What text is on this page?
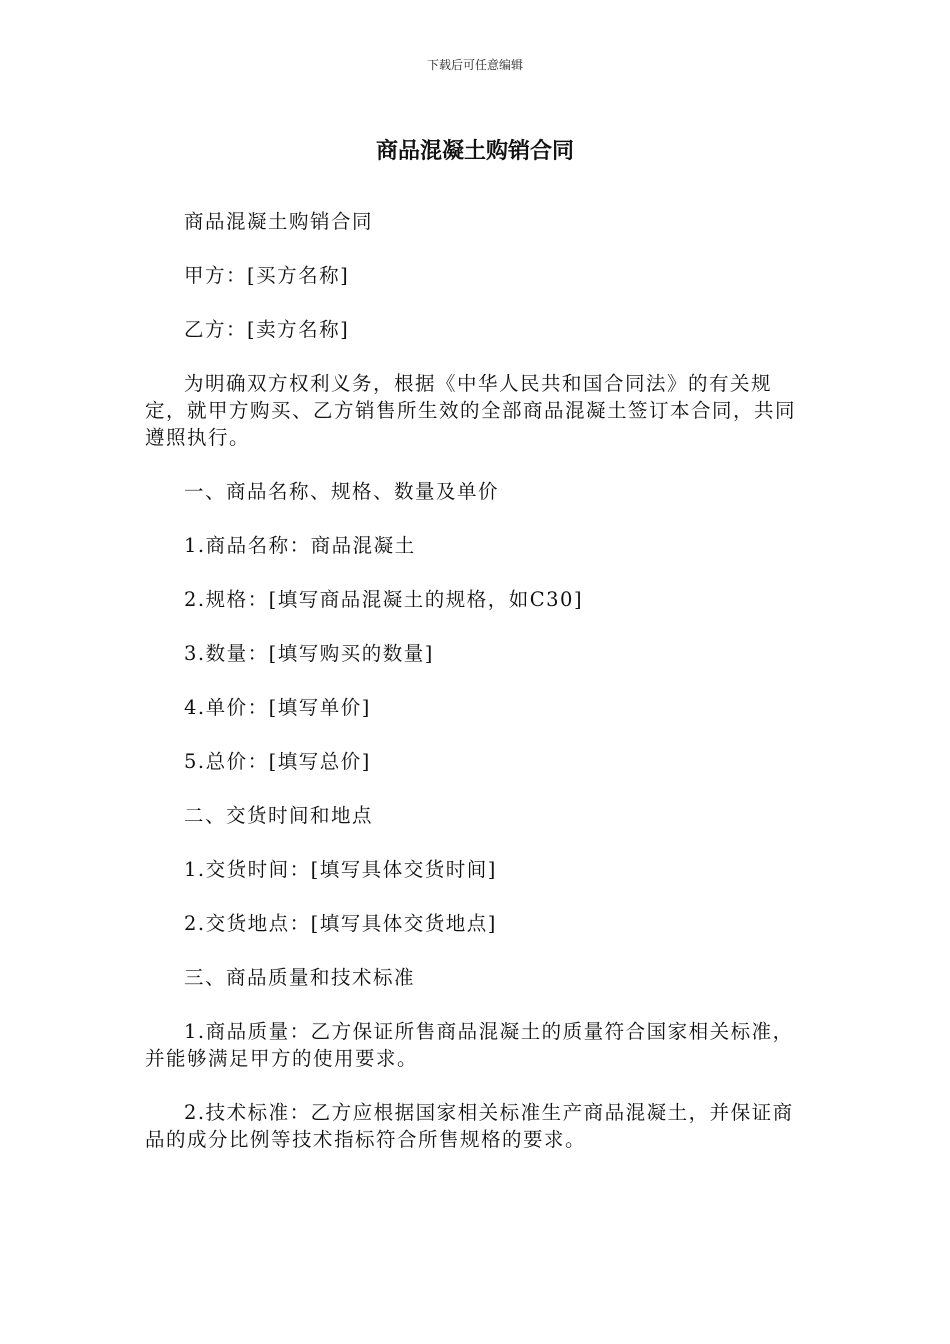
下载后可任意编辑
商品混凝土购销合同

商品混凝土购销合同

甲方：[买方名称]

乙方：[卖方名称]

为明确双方权利义务，根据《中华人民共和国合同法》的有关规定，就甲方购买、乙方销售所生效的全部商品混凝土签订本合同，共同遵照执行。

一、商品名称、规格、数量及单价

1.商品名称：商品混凝土

2.规格：[填写商品混凝土的规格，如C30]

3.数量：[填写购买的数量]

4.单价：[填写单价]

5.总价：[填写总价]

二、交货时间和地点

1.交货时间：[填写具体交货时间]

2.交货地点：[填写具体交货地点]

三、商品质量和技术标准

1.商品质量：乙方保证所售商品混凝土的质量符合国家相关标准，并能够满足甲方的使用要求。

2.技术标准：乙方应根据国家相关标准生产商品混凝土，并保证商品的成分比例等技术指标符合所售规格的要求。
